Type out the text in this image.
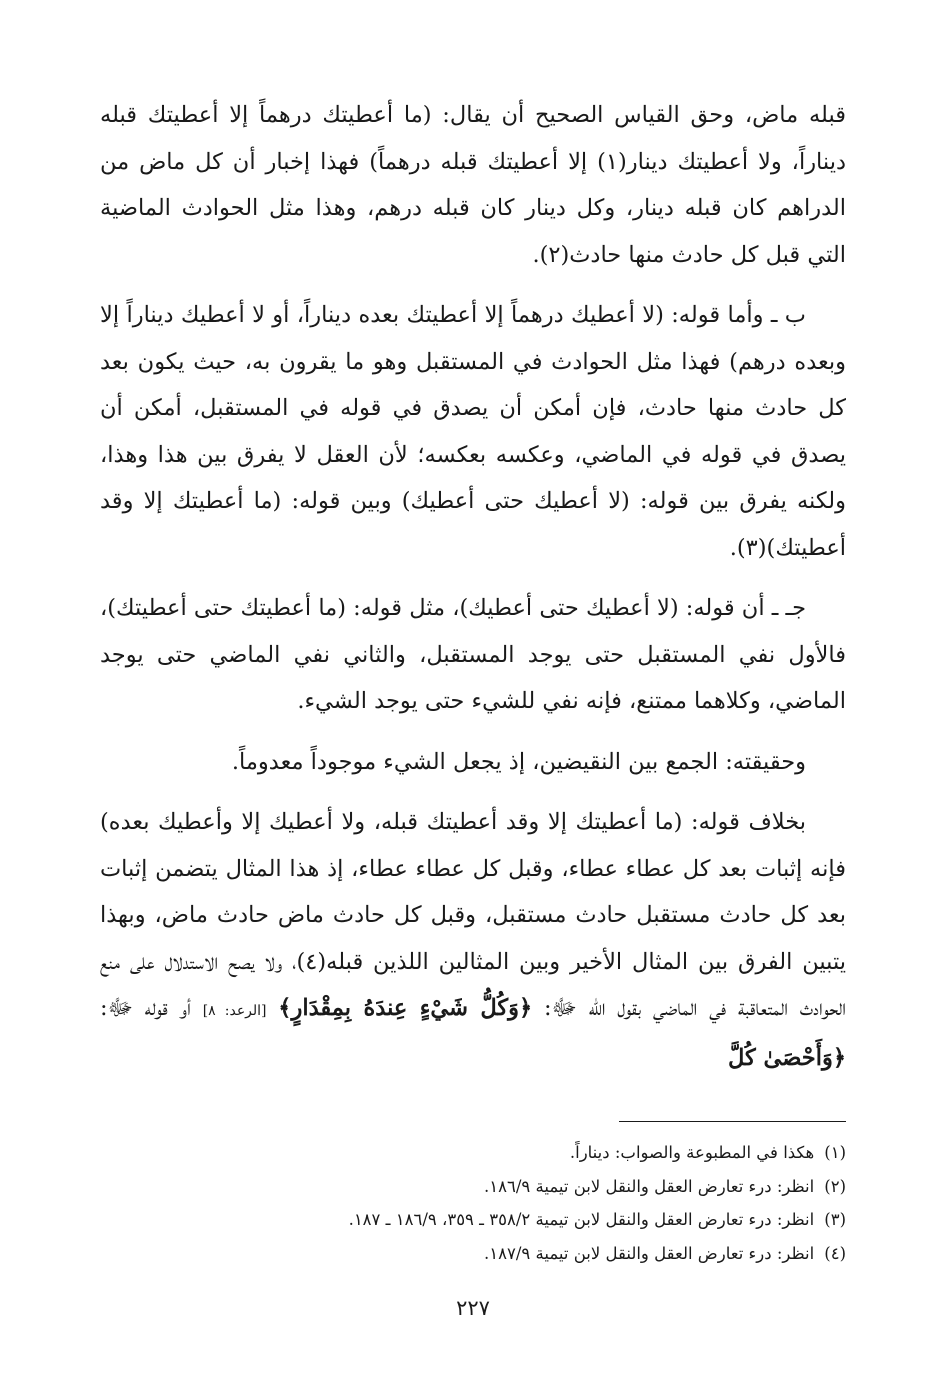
قبله ماض، وحق القياس الصحيح أن يقال: (ما أعطيتك درهماً إلا أعطيتك قبله ديناراً، ولا أعطيتك دينار(١) إلا أعطيتك قبله درهماً) فهذا إخبار أن كل ماض من الدراهم كان قبله دينار، وكل دينار كان قبله درهم، وهذا مثل الحوادث الماضية التي قبل كل حادث منها حادث(٢).

ب ـ وأما قوله: (لا أعطيك درهماً إلا أعطيتك بعده ديناراً، أو لا أعطيك ديناراً إلا وبعده درهم) فهذا مثل الحوادث في المستقبل وهو ما يقرون به، حيث يكون بعد كل حادث منها حادث، فإن أمكن أن يصدق في قوله في المستقبل، أمكن أن يصدق في قوله في الماضي، وعكسه بعكسه؛ لأن العقل لا يفرق بين هذا وهذا، ولكنه يفرق بين قوله: (لا أعطيك حتى أعطيك) وبين قوله: (ما أعطيتك إلا وقد أعطيتك)(٣).

جـ ـ أن قوله: (لا أعطيك حتى أعطيك)، مثل قوله: (ما أعطيتك حتى أعطيتك)، فالأول نفي المستقبل حتى يوجد المستقبل، والثاني نفي الماضي حتى يوجد الماضي، وكلاهما ممتنع، فإنه نفي للشيء حتى يوجد الشيء.

وحقيقته: الجمع بين النقيضين، إذ يجعل الشيء موجوداً معدوماً.

بخلاف قوله: (ما أعطيتك إلا وقد أعطيتك قبله، ولا أعطيك إلا وأعطيك بعده) فإنه إثبات بعد كل عطاء عطاء، وقبل كل عطاء عطاء، إذ هذا المثال يتضمن إثبات بعد كل حادث مستقبل حادث مستقبل، وقبل كل حادث ماض حادث ماض، وبهذا يتبين الفرق بين المثال الأخير وبين المثالين اللذين قبله(٤)، ولا يصح الاستدلال على منع الحوادث المتعاقبة في الماضي بقول الله ﷻ: ﴿وَكُلُّ شَيْءٍ عِندَهُ بِمِقْدَارٍ﴾ [الرعد: ٨] أو قوله ﷻ: ﴿وَأَحْصَىٰ كُلَّ

(١)
هكذا في المطبوعة والصواب: ديناراً.
(٢)
انظر: درء تعارض العقل والنقل لابن تيمية ١٨٦/٩.
(٣)
انظر: درء تعارض العقل والنقل لابن تيمية ٣٥٨/٢ ـ ٣٥٩، ١٨٦/٩ ـ ١٨٧.
(٤)
انظر: درء تعارض العقل والنقل لابن تيمية ١٨٧/٩.
٢٢٧
